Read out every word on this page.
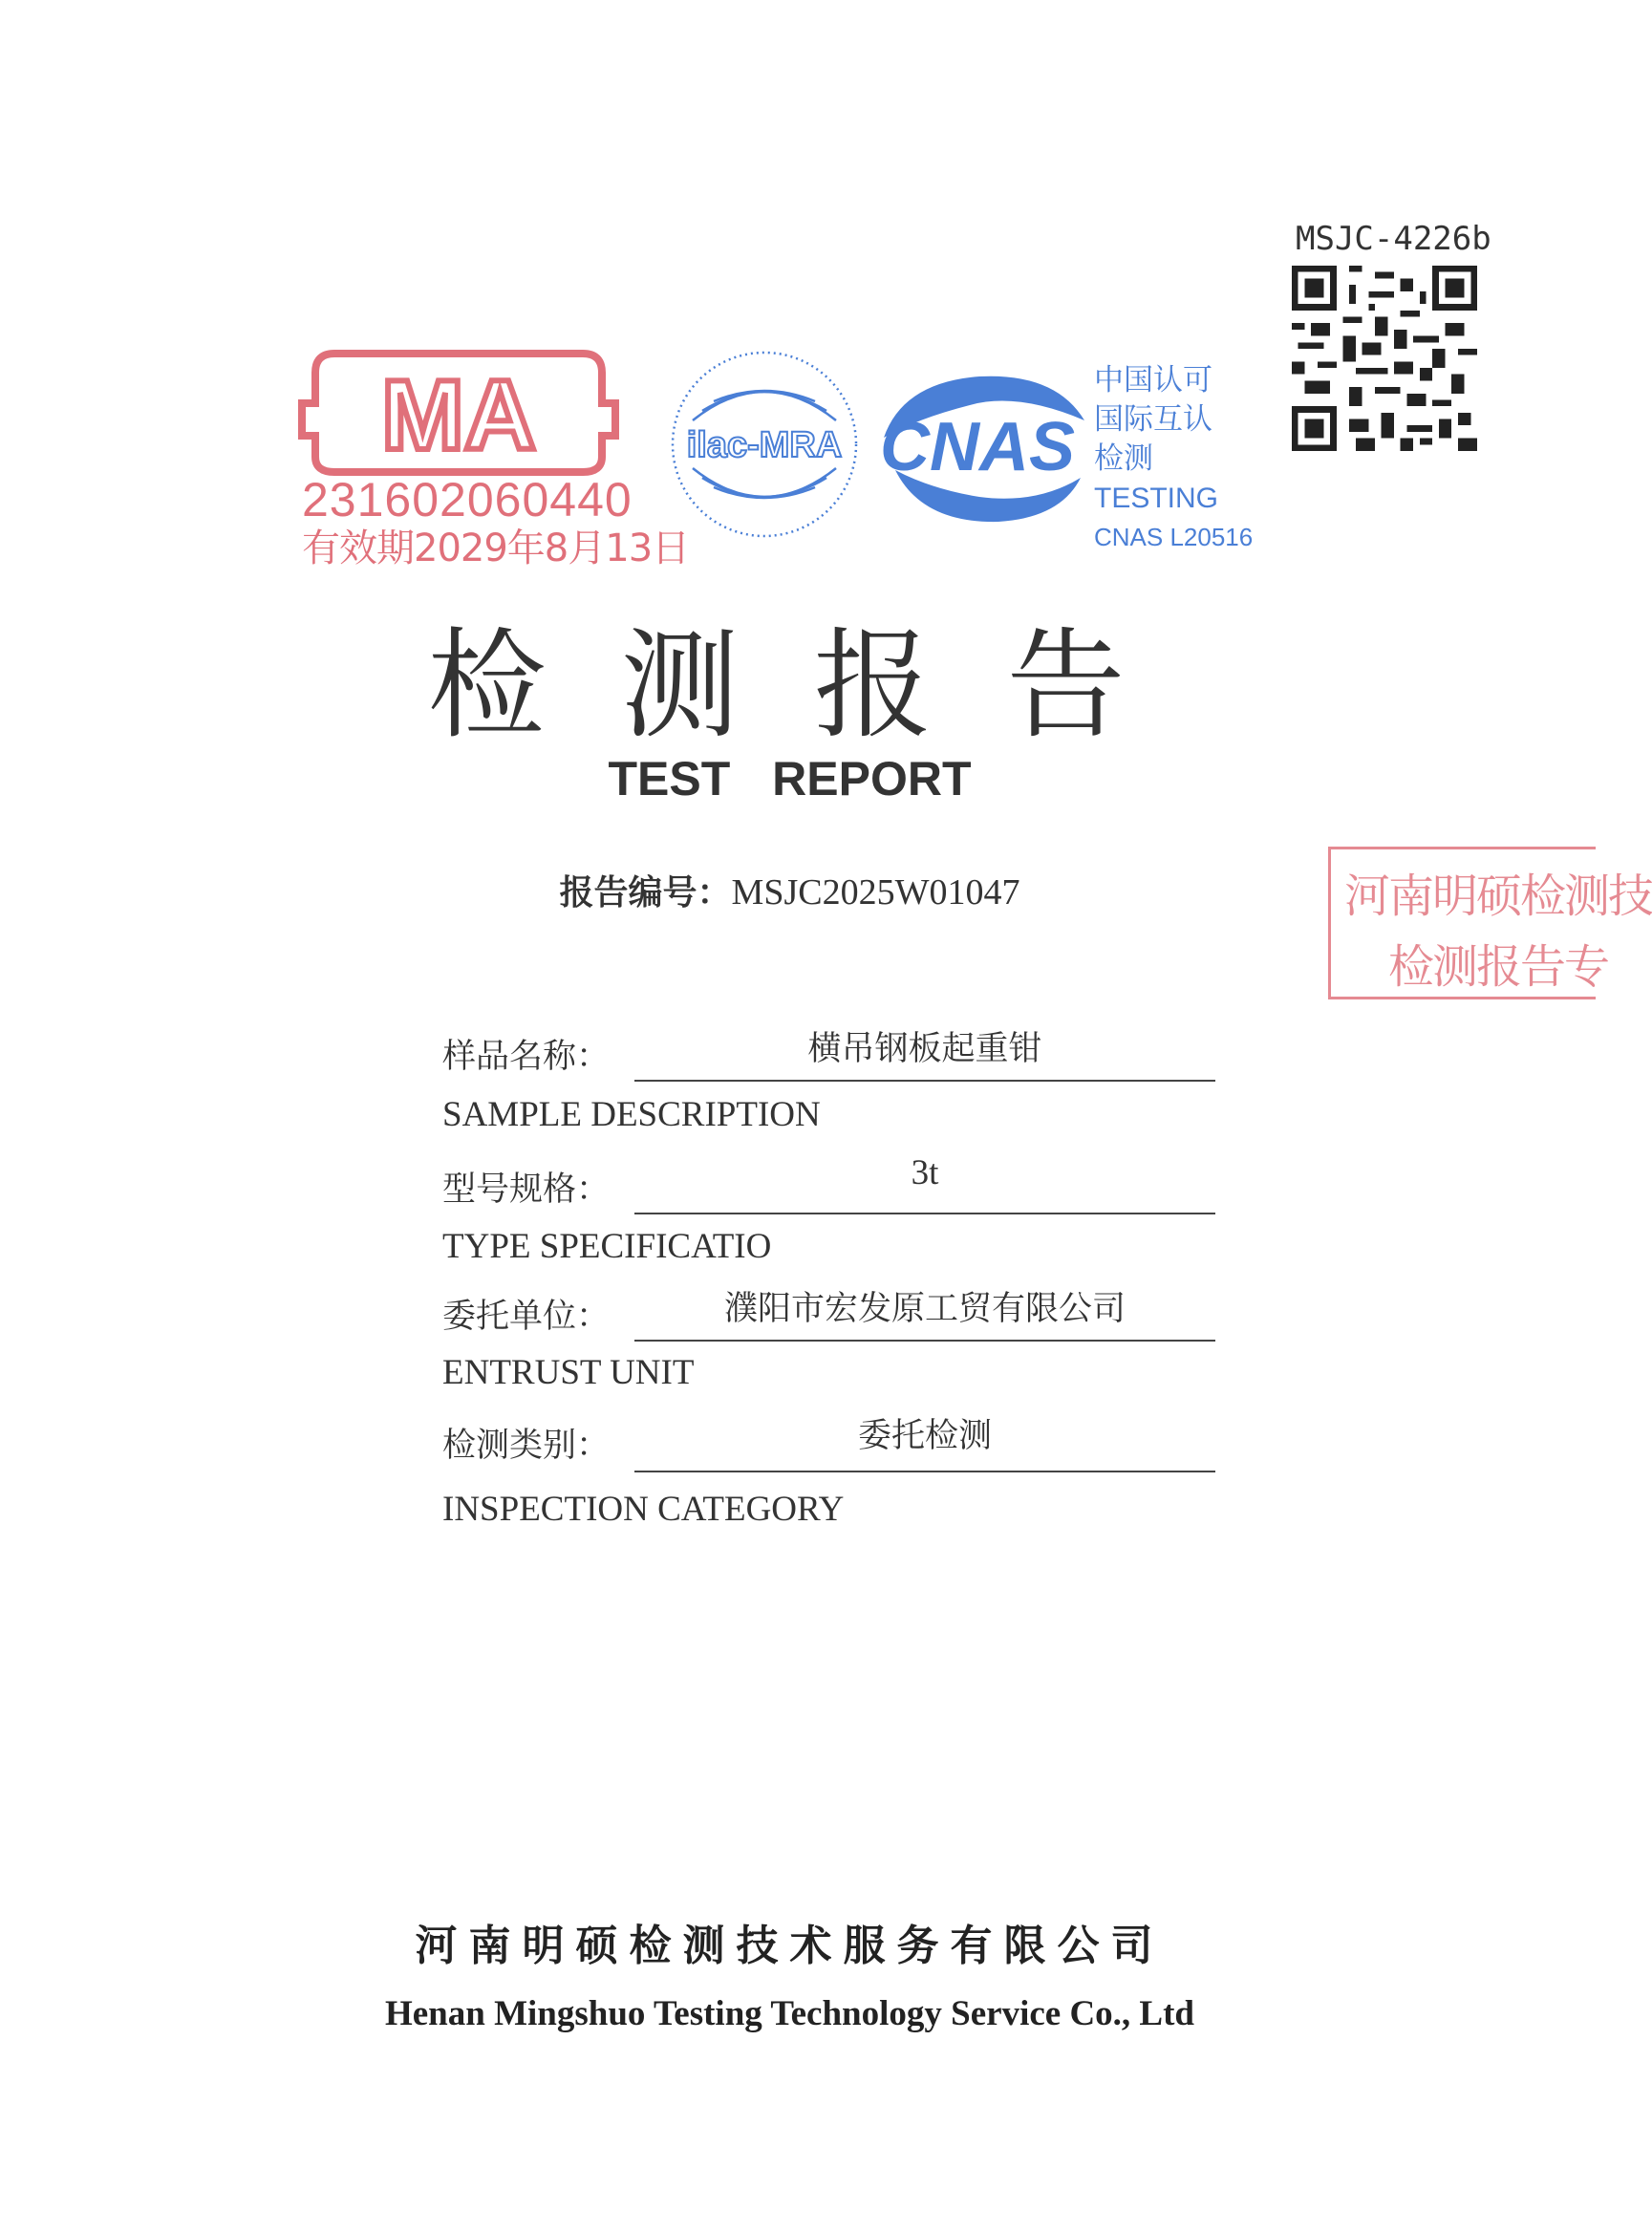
MSJC-4226b
MA
231602060440
有效期2029年8月13日
ilac-MRA CNAS
中国认可
国际互认
检测
TESTING
CNAS L20516
检测报告
TEST REPORT
报告编号：MSJC2025W01047	河南明硕检测技
检测报告专
样品名称：	横吊钢板起重钳
SAMPLE DESCRIPTION
型号规格：	3t
TYPE SPECIFICATIO
委托单位：	濮阳市宏发原工贸有限公司
ENTRUST UNIT
检测类别：	委托检测
INSPECTION CATEGORY
河南明硕检测技术服务有限公司
Henan Mingshuo Testing Technology Service Co., Ltd
